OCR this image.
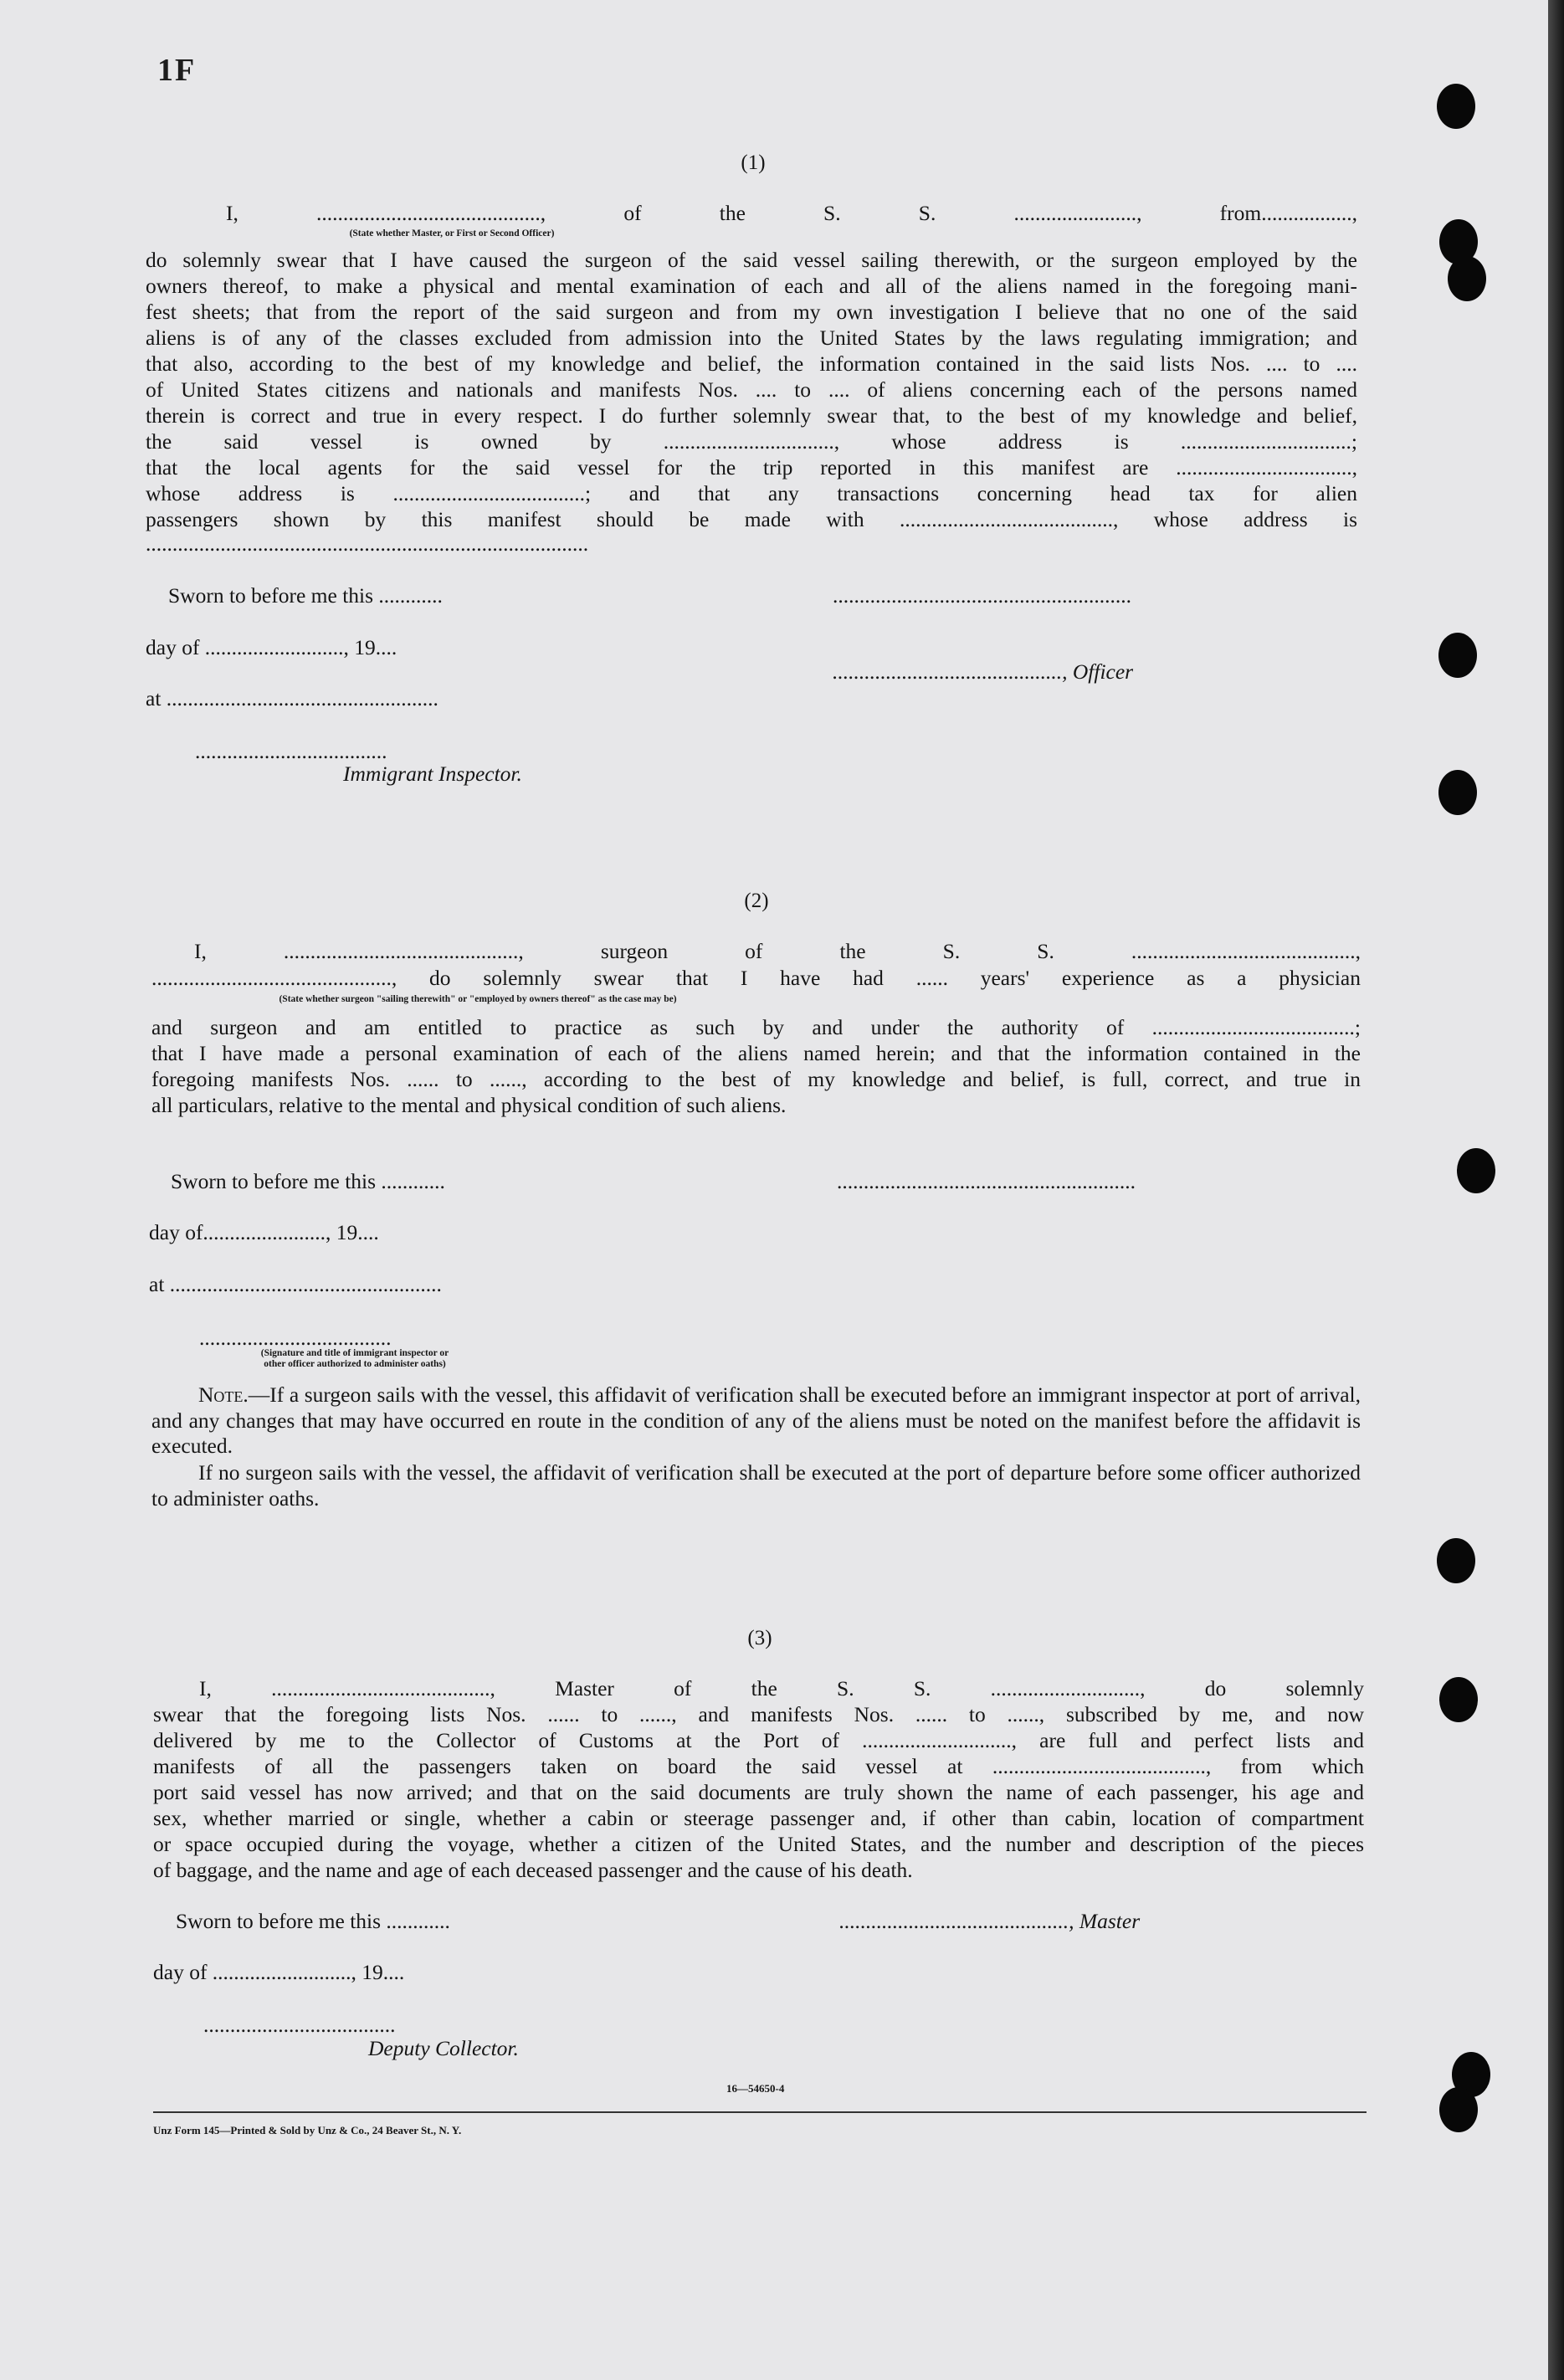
1F

(1)

I, .........................................., of the S. S. ......................., from.................,

(State whether Master, or First or Second Officer)

do solemnly swear that I have caused the surgeon of the said vessel sailing therewith, or the surgeon employed by the

owners thereof, to make a physical and mental examination of each and all of the aliens named in the foregoing mani-

fest sheets; that from the report of the said surgeon and from my own investigation I believe that no one of the said

aliens is of any of the classes excluded from admission into the United States by the laws regulating immigration; and

that also, according to the best of my knowledge and belief, the information contained in the said lists Nos. .... to ....

of United States citizens and nationals and manifests Nos. .... to .... of aliens concerning each of the persons named

therein is correct and true in every respect. I do further solemnly swear that, to the best of my knowledge and belief,

the said vessel is owned by ................................, whose address is ................................;

that the local agents for the said vessel for the trip reported in this manifest are .................................,

whose address is ....................................; and that any transactions concerning head tax for alien

passengers shown by this manifest should be made with ........................................, whose address is

...................................................................................

Sworn to before me this ............	........................................................

day of .........................., 19....

..........................................., Officer

at ...................................................

....................................

Immigrant Inspector.

(2)

I, ............................................, surgeon of the S. S. ..........................................,

............................................., do solemnly swear that I have had ...... years' experience as a physician

(State whether surgeon "sailing therewith" or "employed by owners thereof" as the case may be)

and surgeon and am entitled to practice as such by and under the authority of ......................................;

that I have made a personal examination of each of the aliens named herein; and that the information contained in the

foregoing manifests Nos. ...... to ......, according to the best of my knowledge and belief, is full, correct, and true in

all particulars, relative to the mental and physical condition of such aliens.

Sworn to before me this ............	........................................................

day of......................., 19....

at ...................................................

....................................

(Signature and title of immigrant inspector or

other officer authorized to administer oaths)

Note.—If a surgeon sails with the vessel, this affidavit of verification shall be executed before an immigrant inspector at port of arrival, and any changes that may have occurred en route in the condition of any of the aliens must be noted on the manifest before the affidavit is executed.

If no surgeon sails with the vessel, the affidavit of verification shall be executed at the port of departure before some officer authorized to administer oaths.

(3)

I, ........................................., Master of the S. S. ............................, do solemnly

swear that the foregoing lists Nos. ...... to ......, and manifests Nos. ...... to ......, subscribed by me, and now

delivered by me to the Collector of Customs at the Port of ............................, are full and perfect lists and

manifests of all the passengers taken on board the said vessel at ........................................, from which

port said vessel has now arrived; and that on the said documents are truly shown the name of each passenger, his age and

sex, whether married or single, whether a cabin or steerage passenger and, if other than cabin, location of compartment

or space occupied during the voyage, whether a citizen of the United States, and the number and description of the pieces

of baggage, and the name and age of each deceased passenger and the cause of his death.

Sworn to before me this ............	..........................................., Master

day of .........................., 19....

....................................

Deputy Collector.

16—54650-4

Unz Form 145—Printed & Sold by Unz & Co., 24 Beaver St., N. Y.
